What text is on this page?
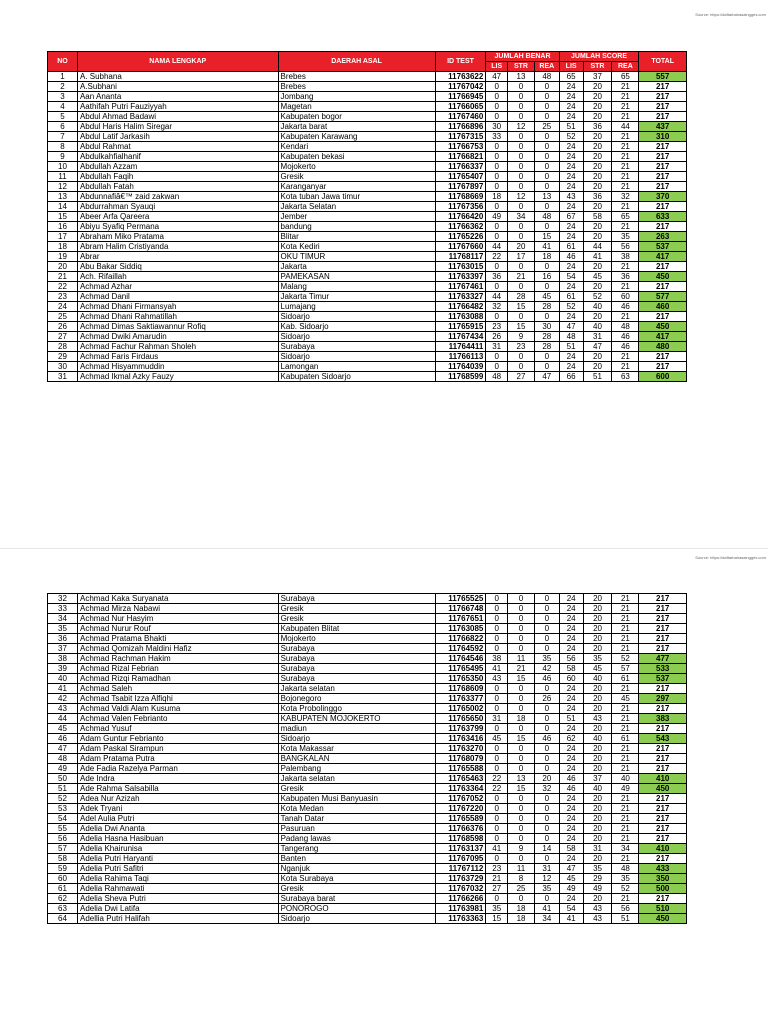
Source: https://daftarbahasainggris.com
NO	NAMA LENGKAP	DAERAH ASAL	ID TEST	JUMLAH BENAR			JUMLAH SCORE			TOTAL
				LIS	STR	REA	LIS	STR	REA	
1	A. Subhana	Brebes	11763622	47	13	48	65	37	65	557
2	A.Subhani	Brebes	11767042	0	0	0	24	20	21	217
3	Aan Ananta	Jombang	11766945	0	0	0	24	20	21	217
4	Aathifah Putri Fauziyyah	Magetan	11766065	0	0	0	24	20	21	217
5	Abdul Ahmad Badawi	Kabupaten bogor	11767460	0	0	0	24	20	21	217
6	Abdul Haris Halim Siregar	Jakarta barat	11766896	30	12	25	51	36	44	437
7	Abdul Latif Jarkasih	Kabupaten Karawang	11767315	33	0	0	52	20	21	310
8	Abdul Rahmat	Kendari	11766753	0	0	0	24	20	21	217
9	Abdulkahfialhanif	Kabupaten bekasi	11766821	0	0	0	24	20	21	217
10	Abdullah Azzam	Mojokerto	11766337	0	0	0	24	20	21	217
11	Abdullah Faqih	Gresik	11765407	0	0	0	24	20	21	217
12	Abdullah Fatah	Karanganyar	11767897	0	0	0	24	20	21	217
13	Abdunnafiâ€™ zaid zakwan	Kota tuban Jawa timur	11768669	18	12	13	43	36	32	370
14	Abdurrahman Syauqi	Jakarta Selatan	11767356	0	0	0	24	20	21	217
15	Abeer Arfa Qareera	Jember	11766420	49	34	48	67	58	65	633
16	Abiyu Syafiq Permana	bandung	11766362	0	0	0	24	20	21	217
17	Abraham Miko Pratama	Blitar	11765226	0	0	15	24	20	35	263
18	Abram Halim Cristiyanda	Kota Kediri	11767660	44	20	41	61	44	56	537
19	Abrar	OKU TIMUR	11768117	22	17	18	46	41	38	417
20	Abu Bakar Siddiq	Jakarta	11763015	0	0	0	24	20	21	217
21	Ach. Rifaillah	PAMEKASAN	11763397	36	21	16	54	45	36	450
22	Achmad Azhar	Malang	11767461	0	0	0	24	20	21	217
23	Achmad Danil	Jakarta Timur	11763327	44	28	45	61	52	60	577
24	Achmad Dhani Firmansyah	Lumajang	11766482	32	15	28	52	40	46	460
25	Achmad Dhani Rahmatillah	Sidoarjo	11763088	0	0	0	24	20	21	217
26	Achmad Dimas Saktiawannur Rofiq	Kab. Sidoarjo	11765915	23	15	30	47	40	48	450
27	Achmad Dwiki Amarudin	Sidoarjo	11767434	26	9	28	48	31	46	417
28	Achmad Fachur Rahman Sholeh	Surabaya	11764411	31	23	28	51	47	46	480
29	Achmad Faris Firdaus	Sidoarjo	11766113	0	0	0	24	20	21	217
30	Achmad Hisyammuddin	Lamongan	11764039	0	0	0	24	20	21	217
31	Achmad Ikmal Azky Fauzy	Kabupaten Sidoarjo	11768599	48	27	47	66	51	63	600
Source: https://daftarbahasainggris.com
32	Achmad Kaka Suryanata	Surabaya	11765525	0	0	0	24	20	21	217
33	Achmad Mirza Nabawi	Gresik	11766748	0	0	0	24	20	21	217
34	Achmad Nur Hasyim	Gresik	11767651	0	0	0	24	20	21	217
35	Achmad Nurur Rouf	Kabupaten Blitat	11763085	0	0	0	24	20	21	217
36	Achmad Pratama Bhakti	Mojokerto	11766822	0	0	0	24	20	21	217
37	Achmad Qomizah Maldini Hafiz	Surabaya	11764592	0	0	0	24	20	21	217
38	Achmad Rachman Hakim	Surabaya	11764546	38	11	35	56	35	52	477
39	Achmad Rizal Febrian	Surabaya	11765495	41	21	42	58	45	57	533
40	Achmad Rizqi Ramadhan	Surabaya	11765350	43	15	46	60	40	61	537
41	Achmad Saleh	Jakarta selatan	11768609	0	0	0	24	20	21	217
42	Achmad Tsabit Izza Alfiqhi	Bojonegoro	11763377	0	0	26	24	20	45	297
43	Achmad Valdi Alam Kusuma	Kota Probolinggo	11765002	0	0	0	24	20	21	217
44	Achmad Valen Febrianto	KABUPATEN MOJOKERTO	11765650	31	18	0	51	43	21	383
45	Achmad Yusuf	madiun	11763799	0	0	0	24	20	21	217
46	Adam Guntur Febrianto	Sidoarjo	11763416	45	15	46	62	40	61	543
47	Adam Paskal Sirampun	Kota Makassar	11763270	0	0	0	24	20	21	217
48	Adam Pratama Putra	BANGKALAN	11768079	0	0	0	24	20	21	217
49	Ade Fadia Razelya Parman	Palembang	11765588	0	0	0	24	20	21	217
50	Ade Indra	Jakarta selatan	11765463	22	13	20	46	37	40	410
51	Ade Rahma Salsabilla	Gresik	11763364	22	15	32	46	40	49	450
52	Adea Nur Azizah	Kabupaten Musi Banyuasin	11767052	0	0	0	24	20	21	217
53	Adek Tryani	Kota Medan	11767220	0	0	0	24	20	21	217
54	Adel Aulia Putri	Tanah Datar	11765589	0	0	0	24	20	21	217
55	Adelia Dwi Ananta	Pasuruan	11766376	0	0	0	24	20	21	217
56	Adelia Hasna Hasibuan	Padang lawas	11768598	0	0	0	24	20	21	217
57	Adelia Khairunisa	Tangerang	11763137	41	9	14	58	31	34	410
58	Adelia Putri Haryanti	Banten	11767095	0	0	0	24	20	21	217
59	Adelia Putri Safitri	Nganjuk	11767112	23	11	31	47	35	48	433
60	Adelia Rahima Taqi	Kota Surabaya	11763729	21	8	12	45	29	35	350
61	Adelia Rahmawati	Gresik	11767032	27	25	35	49	49	52	500
62	Adelia Sheva Putri	Surabaya barat	11766266	0	0	0	24	20	21	217
63	Adelia Dwi Latifa	PONOROGO	11763981	35	18	41	54	43	56	510
64	Adellia Putri Halifah	Sidoarjo	11763363	15	18	34	41	43	51	450
